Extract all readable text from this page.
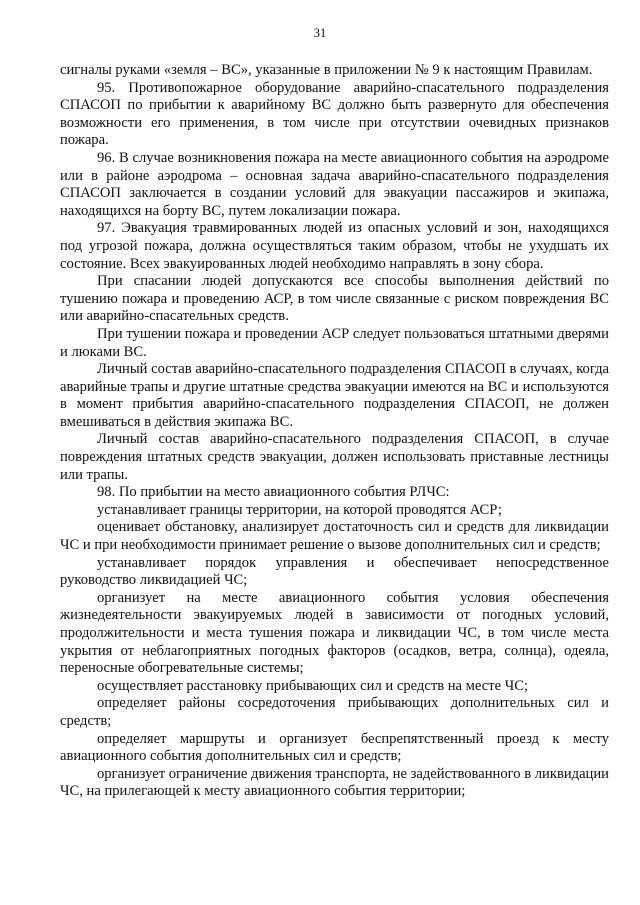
31

сигналы руками «земля – ВС», указанные в приложении № 9 к настоящим Правилам.

95. Противопожарное оборудование аварийно-спасательного подразделения СПАСОП по прибытии к аварийному ВС должно быть развернуто для обеспечения возможности его применения, в том числе при отсутствии очевидных признаков пожара.

96. В случае возникновения пожара на месте авиационного события на аэродроме или в районе аэродрома – основная задача аварийно-спасательного подразделения СПАСОП заключается в создании условий для эвакуации пассажиров и экипажа, находящихся на борту ВС, путем локализации пожара.

97. Эвакуация травмированных людей из опасных условий и зон, находящихся под угрозой пожара, должна осуществляться таким образом, чтобы не ухудшать их состояние. Всех эвакуированных людей необходимо направлять в зону сбора.

При спасании людей допускаются все способы выполнения действий по тушению пожара и проведению АСР, в том числе связанные с риском повреждения ВС или аварийно-спасательных средств.

При тушении пожара и проведении АСР следует пользоваться штатными дверями и люками ВС.

Личный состав аварийно-спасательного подразделения СПАСОП в случаях, когда аварийные трапы и другие штатные средства эвакуации имеются на ВС и используются в момент прибытия аварийно-спасательного подразделения СПАСОП, не должен вмешиваться в действия экипажа ВС.

Личный состав аварийно-спасательного подразделения СПАСОП, в случае повреждения штатных средств эвакуации, должен использовать приставные лестницы или трапы.

98. По прибытии на место авиационного события РЛЧС:

устанавливает границы территории, на которой проводятся АСР;

оценивает обстановку, анализирует достаточность сил и средств для ликвидации ЧС и при необходимости принимает решение о вызове дополнительных сил и средств;

устанавливает порядок управления и обеспечивает непосредственное руководство ликвидацией ЧС;

организует на месте авиационного события условия обеспечения жизнедеятельности эвакуируемых людей в зависимости от погодных условий, продолжительности и места тушения пожара и ликвидации ЧС, в том числе места укрытия от неблагоприятных погодных факторов (осадков, ветра, солнца), одеяла, переносные обогревательные системы;

осуществляет расстановку прибывающих сил и средств на месте ЧС;

определяет районы сосредоточения прибывающих дополнительных сил и средств;

определяет маршруты и организует беспрепятственный проезд к месту авиационного события дополнительных сил и средств;

организует ограничение движения транспорта, не задействованного в ликвидации ЧС, на прилегающей к месту авиационного события территории;
